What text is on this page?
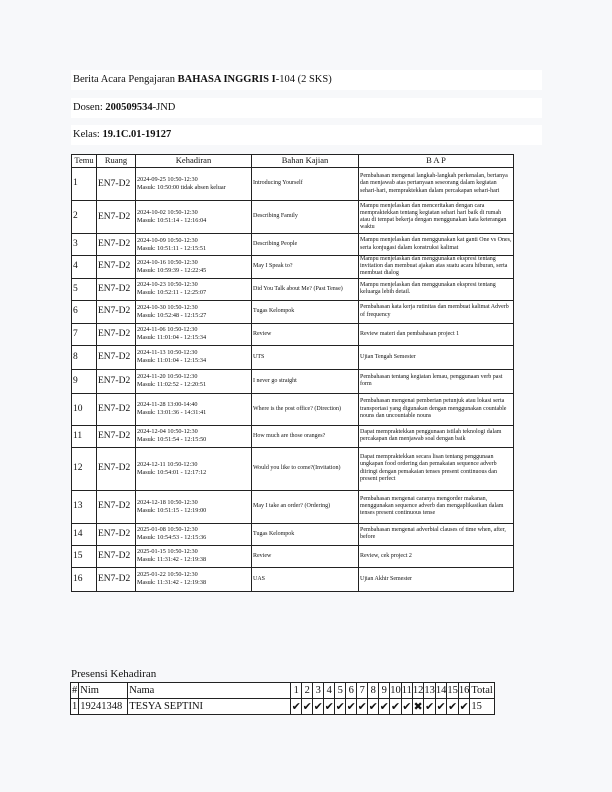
Berita Acara Pengajaran BAHASA INGGRIS I-104 (2 SKS)
Dosen: 200509534-JND
Kelas: 19.1C.01-19127
Temu	Ruang	Kehadiran	Bahan Kajian	B A P
1	EN7-D2	2024-09-25 10:50-12:30
Masuk: 10:50:00 tidak absen keluar	Introducing Yourself	Pembahasan mengenai langkah-langkah perkenalan, bertanya dan menjawab atas pertanyaan seseorang dalam kegiatan sehari-hari, mempraktekkan dalam percakapan sehari-hari
2	EN7-D2	2024-10-02 10:50-12:30
Masuk: 10:51:14 - 12:16:04	Describing Family	Mampu menjelaskan dan menceritakan dengan cara mempraktekkan tentang kegiatan sehari hari baik di rumah atau di tempat bekerja dengan menggunakan kata keterangan waktu
3	EN7-D2	2024-10-09 10:50-12:30
Masuk: 10:51:11 - 12:15:51	Describing People	Mampu menjelaskan dan menggunakan kat ganti One vs Ones, serta konjugasi dalam konstruksi kalimat
4	EN7-D2	2024-10-16 10:50-12:30
Masuk: 10:59:39 - 12:22:45	May I Speak to?	Mampu menjelaskan dan menggunakan ekspresi tentang invitation dan membuat ajakan atas suatu acara hiburan, serta membuat dialog
5	EN7-D2	2024-10-23 10:50-12:30
Masuk: 10:52:11 - 12:25:07	Did You Talk about Me? (Past Tense)	Mampu menjelaskan dan menggunakan ekspresi tentang keluarga lebih detail.
6	EN7-D2	2024-10-30 10:50-12:30
Masuk: 10:52:48 - 12:15:27	Tugas Kelompok	Pembahasan kata kerja rutinitas dan membuat kalimat Adverb of frequency
7	EN7-D2	2024-11-06 10:50-12:30
Masuk: 11:01:04 - 12:15:34	Review	Review materi dan pembahasan project 1
8	EN7-D2	2024-11-13 10:50-12:30
Masuk: 11:01:04 - 12:15:34	UTS	Ujian Tengah Semester
9	EN7-D2	2024-11-20 10:50-12:30
Masuk: 11:02:52 - 12:20:51	I never go straight	Pembahasan tentang kegiatan lemau, penggunaan verb past form
10	EN7-D2	2024-11-28 13:00-14:40
Masuk: 13:01:36 - 14:31:41	Where is the post office? (Direction)	Pembahasan mengenai pemberian petunjuk atau lokasi serta transportasi yang digunakan dengan menggunakan countable nouns dan uncountable nouns
11	EN7-D2	2024-12-04 10:50-12:30
Masuk: 10:51:54 - 12:15:50	How much are those oranges?	Dapat mempraktekkan penggunaan istilah teknologi dalam percakapan dan menjawab soal dengan baik
12	EN7-D2	2024-12-11 10:50-12:30
Masuk: 10:54:01 - 12:17:12	Would you like to come?(Invitation)	Dapat mempraktekkan secara lisan tentang penggunaan ungkapan food ordering dan pemakaian sequence adverb diiringi dengan pemakaian tenses present continuous dan present perfect
13	EN7-D2	2024-12-18 10:50-12:30
Masuk: 10:51:15 - 12:19:00	May I take an order? (Ordering)	Pembahasan mengenai caranya mengorder makanan, menggunakan sequence adverb dan mengaplikasikan dalam tenses present continuous tense
14	EN7-D2	2025-01-08 10:50-12:30
Masuk: 10:54:53 - 12:15:36	Tugas Kelompok	Pembahasan mengenai adverbial clauses of time when, after, before
15	EN7-D2	2025-01-15 10:50-12:30
Masuk: 11:31:42 - 12:19:38	Review	Review, cek project 2
16	EN7-D2	2025-01-22 10:50-12:30
Masuk: 11:31:42 - 12:19:38	UAS	Ujian Akhir Semester
Presensi Kehadiran
#	Nim	Nama	1	2	3	4	5	6	7	8	9	10	11	12	13	14	15	16	Total
1	19241348	TESYA SEPTINI	✔	✔	✔	✔	✔	✔	✔	✔	✔	✔	✔	✖	✔	✔	✔	✔	15
